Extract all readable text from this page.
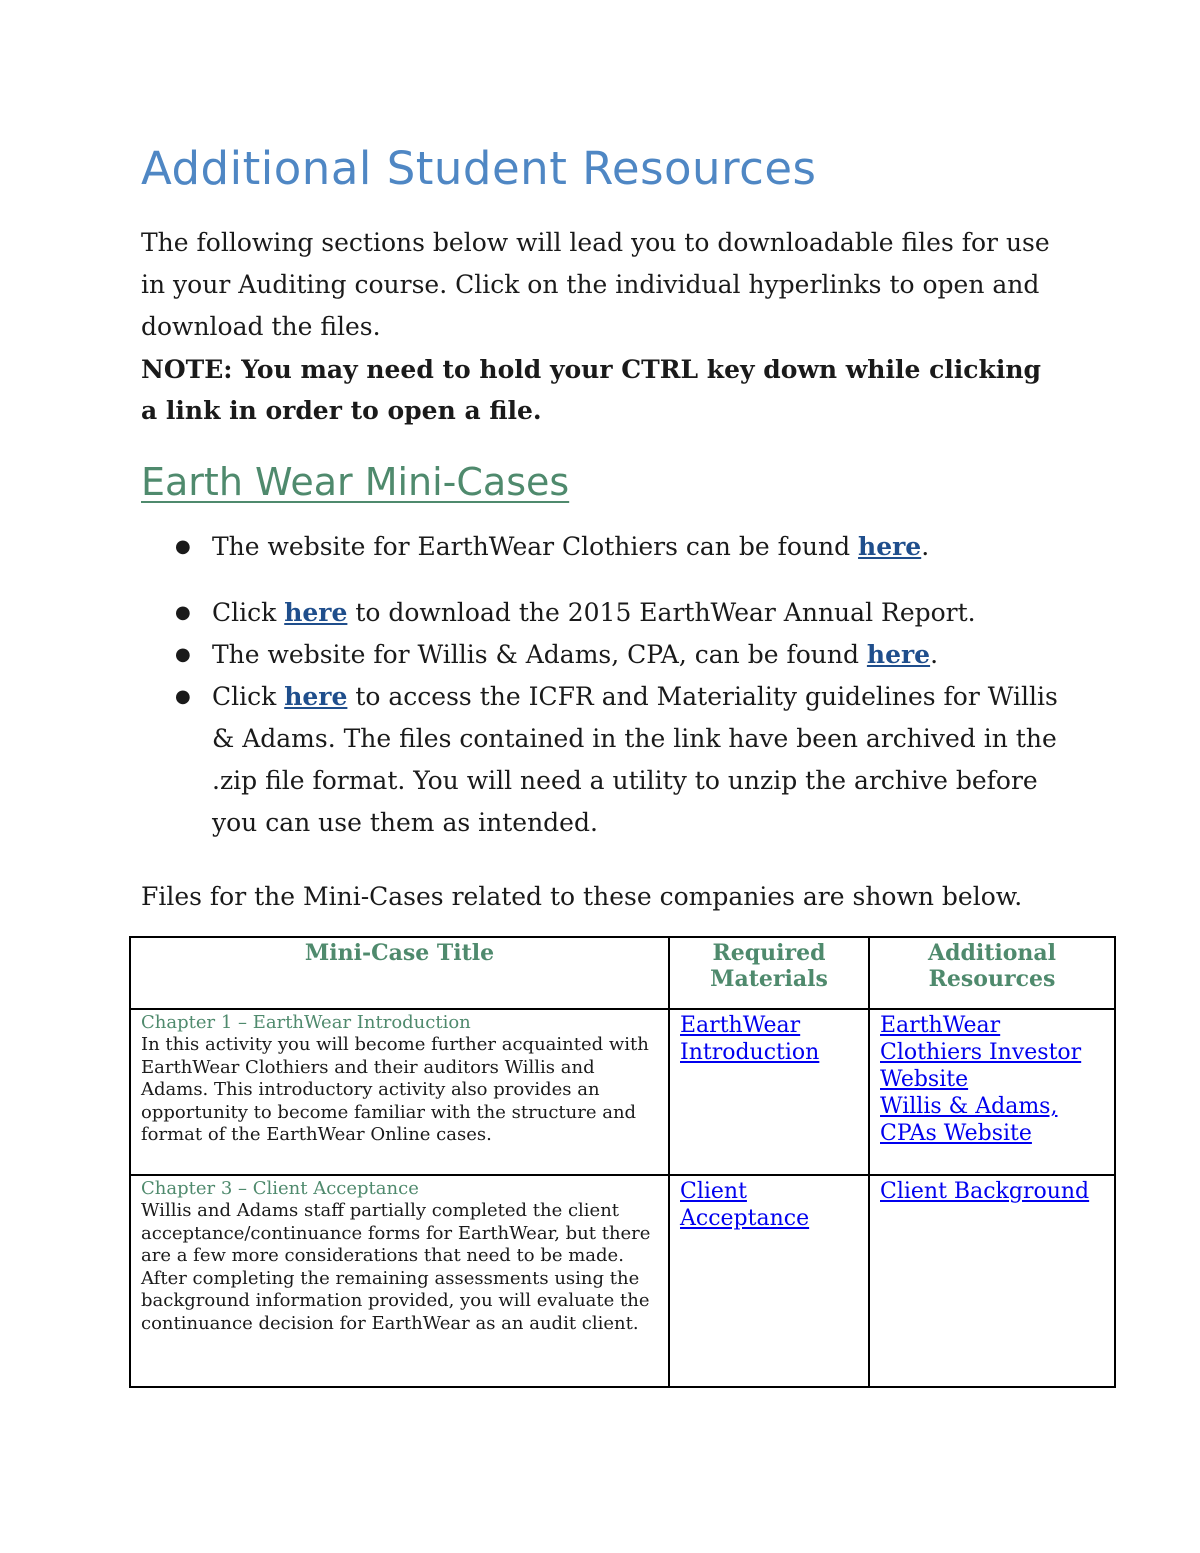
Additional Student Resources

The following sections below will lead you to downloadable files for use in your Auditing course. Click on the individual hyperlinks to open and download the files.

NOTE: You may need to hold your CTRL key down while clicking a link in order to open a file.

Earth Wear Mini-Cases
● The website for EarthWear Clothiers can be found here.
● Click here to download the 2015 EarthWear Annual Report.
● The website for Willis & Adams, CPA, can be found here.
● Click here to access the ICFR and Materiality guidelines for Willis & Adams. The files contained in the link have been archived in the .zip file format. You will need a utility to unzip the archive before you can use them as intended.

Files for the Mini-Cases related to these companies are shown below.

Mini-Case Title	Required Materials	Additional Resources

Chapter 1 – EarthWear Introduction
In this activity you will become further acquainted with EarthWear Clothiers and their auditors Willis and Adams. This introductory activity also provides an opportunity to become familiar with the structure and format of the EarthWear Online cases.	EarthWear Introduction	EarthWear Clothiers Investor Website
Willis & Adams, CPAs Website

Chapter 3 – Client Acceptance
Willis and Adams staff partially completed the client acceptance/continuance forms for EarthWear, but there are a few more considerations that need to be made. After completing the remaining assessments using the background information provided, you will evaluate the continuance decision for EarthWear as an audit client.	Client Acceptance	Client Background
